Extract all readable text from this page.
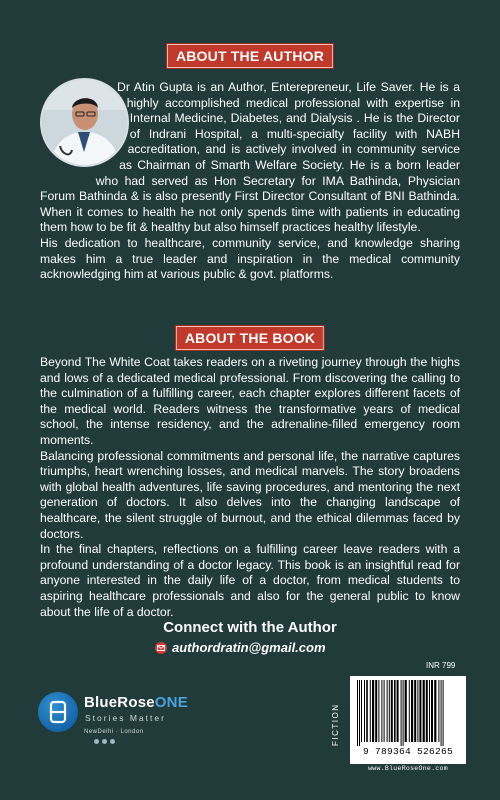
ABOUT THE AUTHOR

Dr Atin Gupta is an Author, Enterepreneur, Life Saver. He is a highly accomplished medical professional with expertise in Internal Medicine, Diabetes, and Dialysis . He is the Director of Indrani Hospital, a multi-specialty facility with NABH accreditation, and is actively involved in community service as Chairman of Smarth Welfare Society. He is a born leader who had served as Hon Secretary for IMA Bathinda, Physician Forum Bathinda & is also presently First Director Consultant of BNI Bathinda. When it comes to health he not only spends time with patients in educating them how to be fit & healthy but also himself practices healthy lifestyle.

His dedication to healthcare, community service, and knowledge sharing makes him a true leader and inspiration in the medical community acknowledging him at various public & govt. platforms.

ABOUT THE BOOK

Beyond The White Coat takes readers on a riveting journey through the highs and lows of a dedicated medical professional. From discovering the calling to the culmination of a fulfilling career, each chapter explores different facets of the medical world. Readers witness the transformative years of medical school, the intense residency, and the adrenaline-filled emergency room moments.

Balancing professional commitments and personal life, the narrative captures triumphs, heart wrenching losses, and medical marvels. The story broadens with global health adventures, life saving procedures, and mentoring the next generation of doctors. It also delves into the changing landscape of healthcare, the silent struggle of burnout, and the ethical dilemmas faced by doctors.

In the final chapters, reflections on a fulfilling career leave readers with a profound understanding of a doctor legacy. This book is an insightful read for anyone interested in the daily life of a doctor, from medical students to aspiring healthcare professionals and also for the general public to know about the life of a doctor.

Connect with the Author
authordratin@gmail.com
BlueRoseONE
Stories Matter
NewDelhi · London
INR 799
FICTION
9 789364 526265
www.BlueRoseOne.com
